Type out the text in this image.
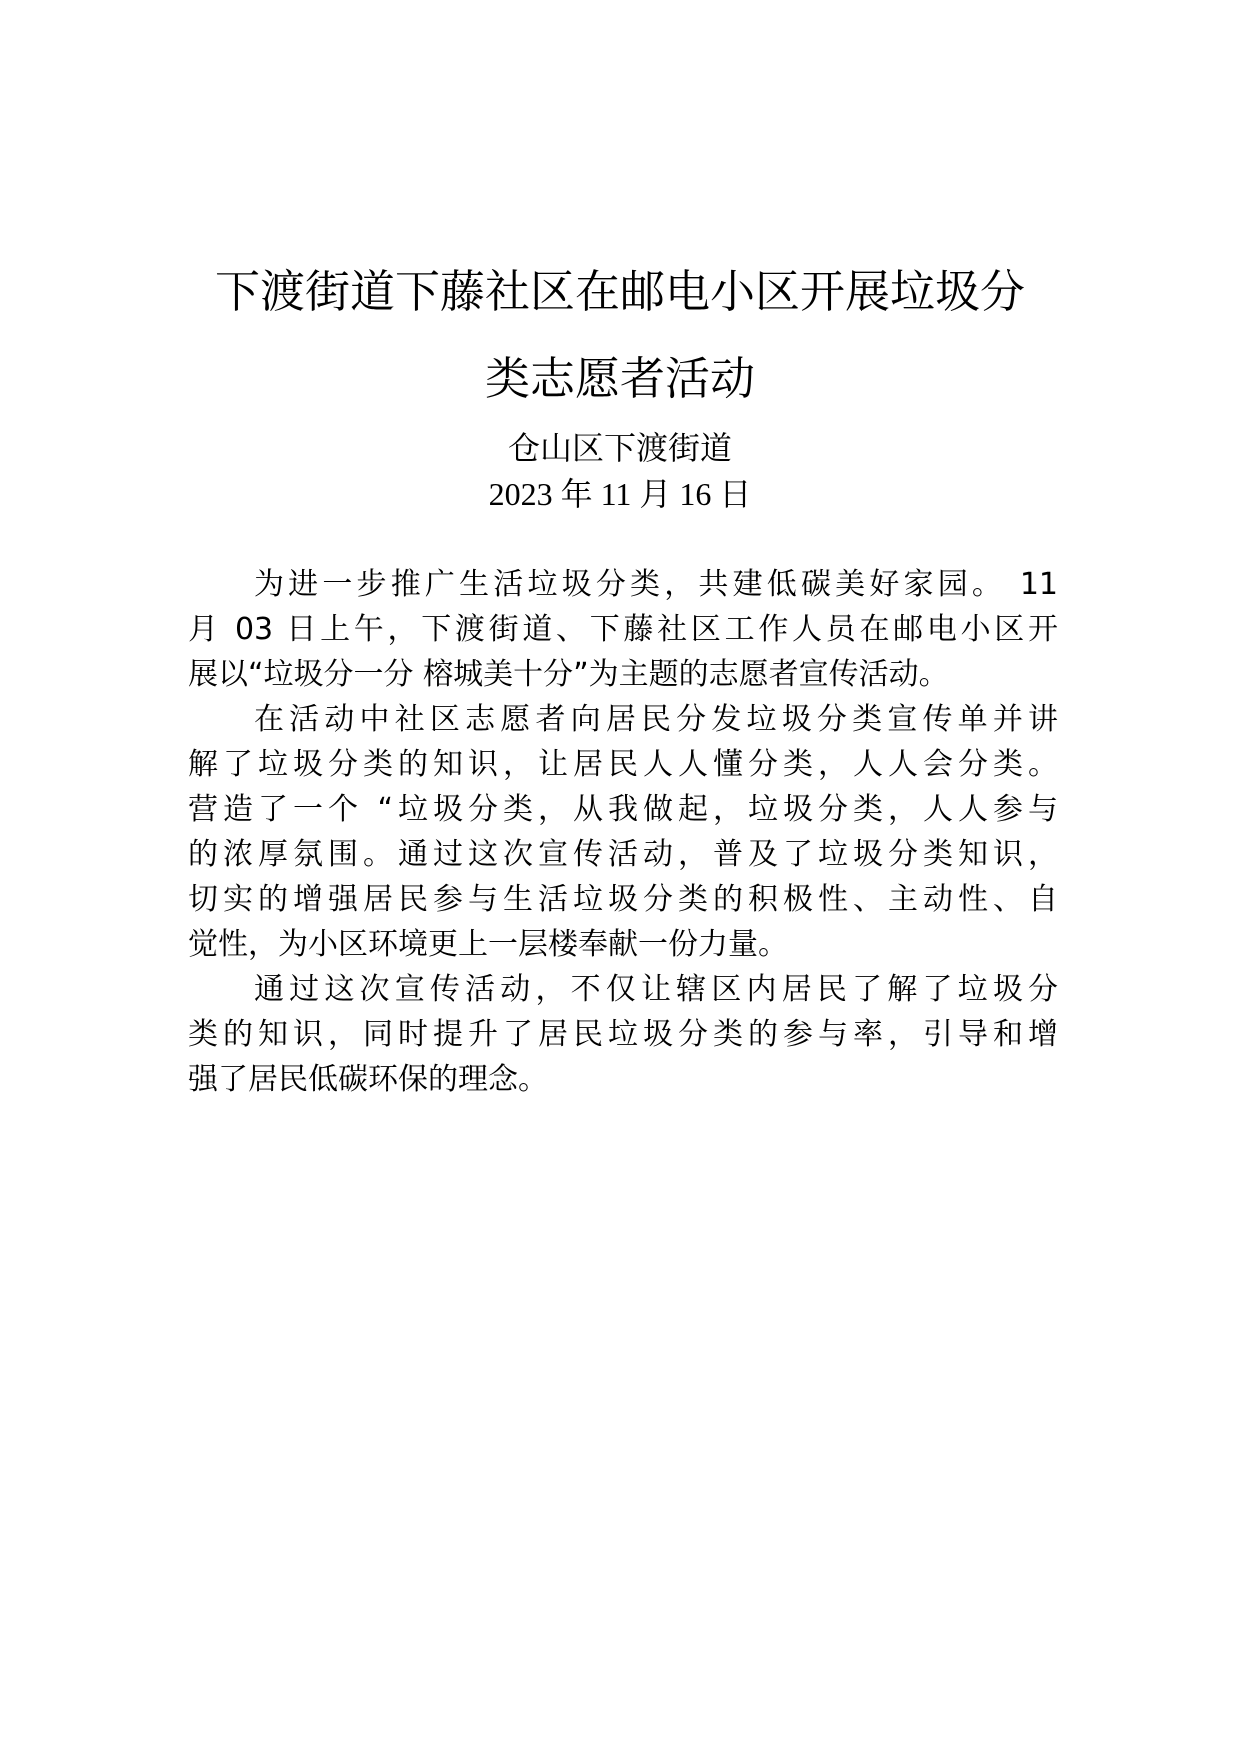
下渡街道下藤社区在邮电小区开展垃圾分
类志愿者活动
仓山区下渡街道
2023 年 11 月 16 日
为进一步推广生活垃圾分类，共建低碳美好家园。 11
月 03 日上午，下渡街道、下藤社区工作人员在邮电小区开
展以“垃圾分一分 榕城美十分”为主题的志愿者宣传活动。
在活动中社区志愿者向居民分发垃圾分类宣传单并讲
解了垃圾分类的知识，让居民人人懂分类，人人会分类。
营造了一个 “垃圾分类，从我做起，垃圾分类，人人参与
的浓厚氛围。通过这次宣传活动，普及了垃圾分类知识，
切实的增强居民参与生活垃圾分类的积极性、主动性、自
觉性，为小区环境更上一层楼奉献一份力量。
通过这次宣传活动，不仅让辖区内居民了解了垃圾分
类的知识，同时提升了居民垃圾分类的参与率，引导和增
强了居民低碳环保的理念。
